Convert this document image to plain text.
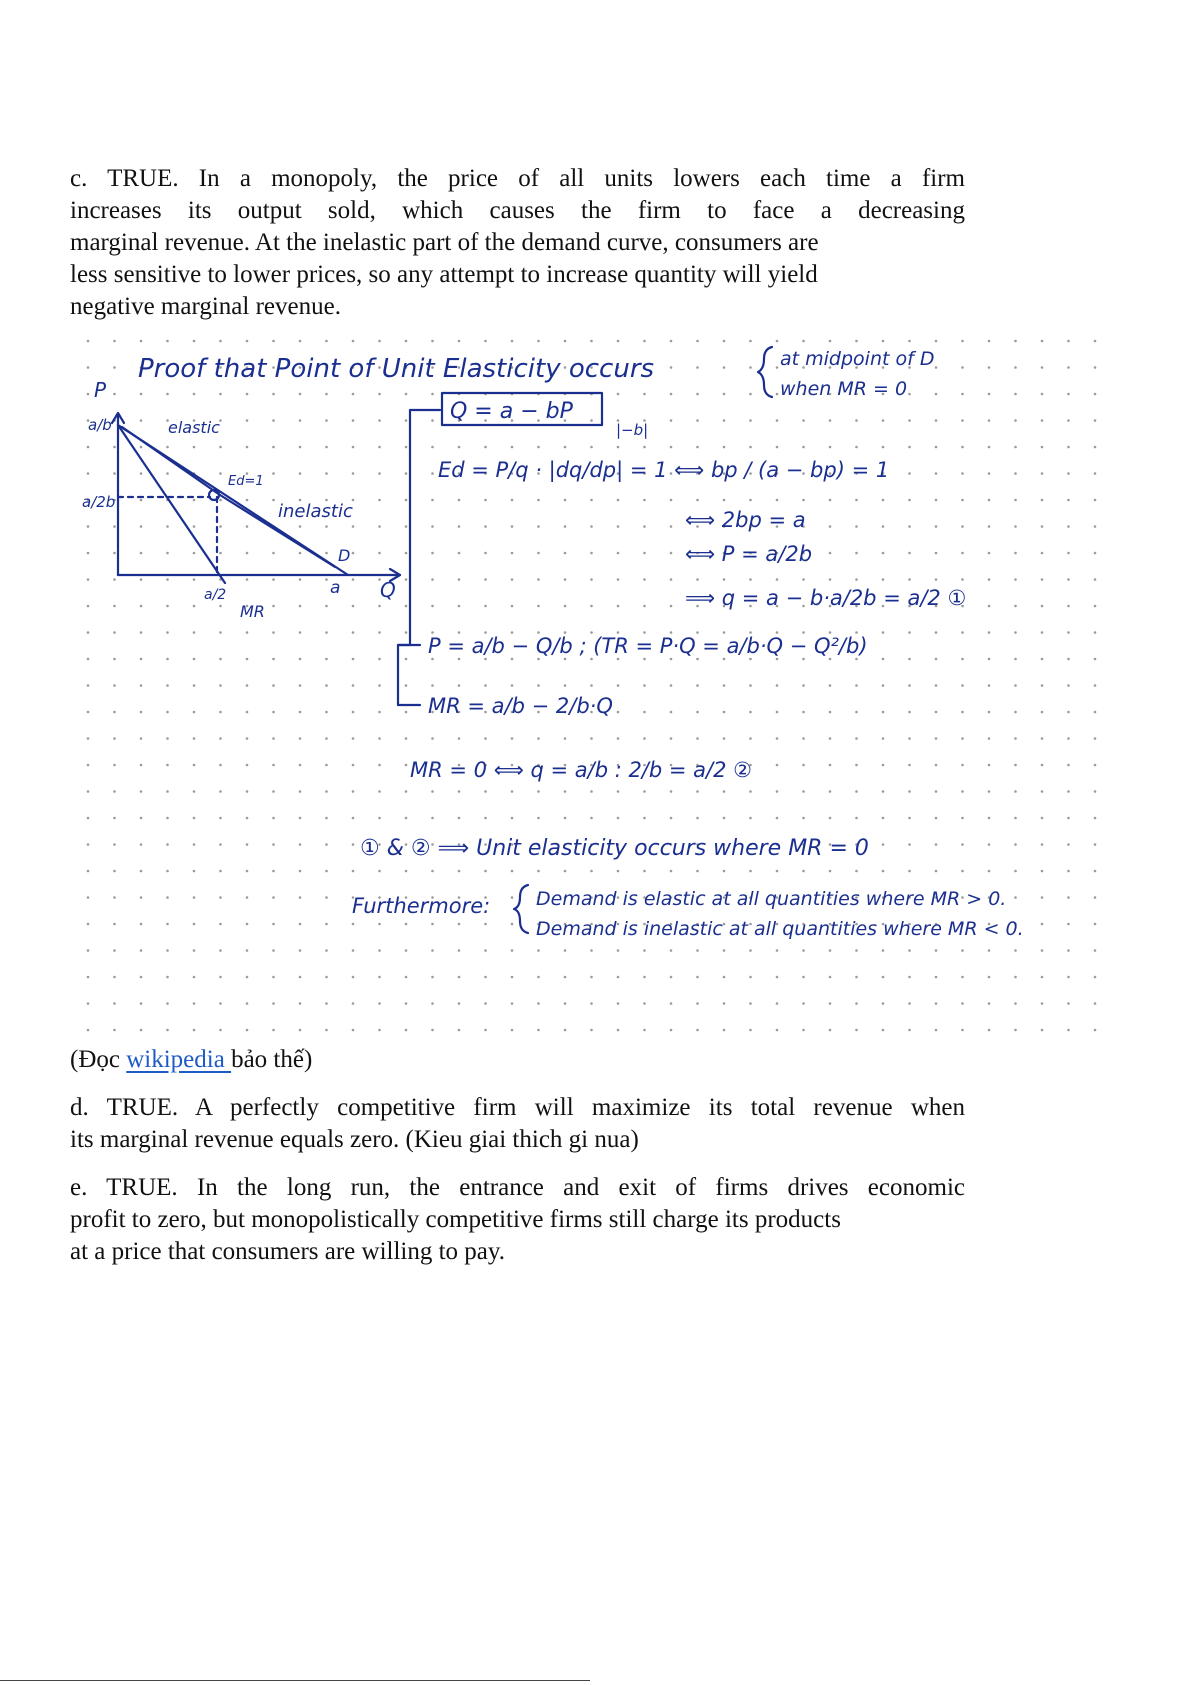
c. TRUE. In a monopoly, the price of all units lowers each time a firm
increases its output sold, which causes the firm to face a decreasing
marginal revenue. At the inelastic part of the demand curve, consumers are
less sensitive to lower prices, so any attempt to increase quantity will yield
negative marginal revenue.
Proof that Point of Unit Elasticity occurs	at midpoint of D
when MR = 0
P
Q
a/b
a/2b
elastic
Ed=1
inelastic
D
a
a/2
MR
Q = a − bP
|−b|
Ed = P/q · |dq/dp| = 1 ⟺ bp / (a − bp) = 1
⟺ 2bp = a
⟺ P = a/2b
⟹ q = a − b·a/2b = a/2 ①
P = a/b − Q/b ; (TR = P·Q = a/b·Q − Q²/b)
MR = a/b − 2/b·Q
MR = 0 ⟺ q = a/b : 2/b = a/2 ②
① & ② ⟹ Unit elasticity occurs where MR = 0
Furthermore: Demand is elastic at all quantities where MR > 0.
Demand is inelastic at all quantities where MR < 0.
(Đọc wikipedia bảo thế)
d. TRUE. A perfectly competitive firm will maximize its total revenue when
its marginal revenue equals zero. (Kieu giai thich gi nua)
e. TRUE. In the long run, the entrance and exit of firms drives economic
profit to zero, but monopolistically competitive firms still charge its products
at a price that consumers are willing to pay.
